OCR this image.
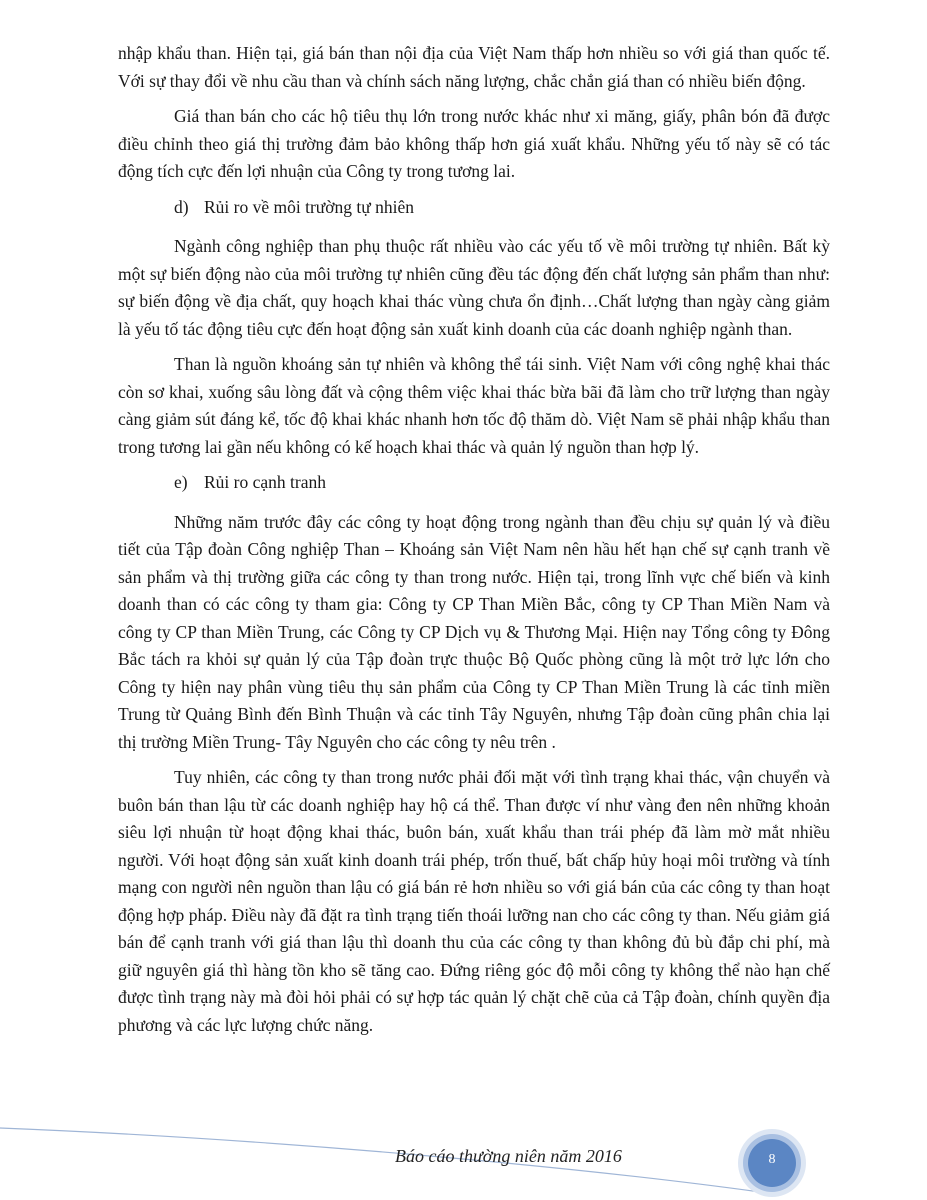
nhập khẩu than. Hiện tại, giá bán than nội địa của Việt Nam thấp hơn nhiều so với giá than quốc tế. Với sự thay đổi về nhu cầu than và chính sách năng lượng, chắc chắn giá than có nhiều biến động.

Giá than bán cho các hộ tiêu thụ lớn trong nước khác như xi măng, giấy, phân bón đã được điều chỉnh theo giá thị trường đảm bảo không thấp hơn giá xuất khẩu. Những yếu tố này sẽ có tác động tích cực đến lợi nhuận của Công ty trong tương lai.

d) Rủi ro về môi trường tự nhiên

Ngành công nghiệp than phụ thuộc rất nhiều vào các yếu tố về môi trường tự nhiên. Bất kỳ một sự biến động nào của môi trường tự nhiên cũng đều tác động đến chất lượng sản phẩm than như: sự biến động về địa chất, quy hoạch khai thác vùng chưa ổn định…Chất lượng than ngày càng giảm là yếu tố tác động tiêu cực đến hoạt động sản xuất kinh doanh của các doanh nghiệp ngành than.

Than là nguồn khoáng sản tự nhiên và không thể tái sinh. Việt Nam với công nghệ khai thác còn sơ khai, xuống sâu lòng đất và cộng thêm việc khai thác bừa bãi đã làm cho trữ lượng than ngày càng giảm sút đáng kể, tốc độ khai khác nhanh hơn tốc độ thăm dò. Việt Nam sẽ phải nhập khẩu than trong tương lai gần nếu không có kế hoạch khai thác và quản lý nguồn than hợp lý.

e) Rủi ro cạnh tranh

Những năm trước đây các công ty hoạt động trong ngành than đều chịu sự quản lý và điều tiết của Tập đoàn Công nghiệp Than – Khoáng sản Việt Nam nên hầu hết hạn chế sự cạnh tranh về sản phẩm và thị trường giữa các công ty than trong nước. Hiện tại, trong lĩnh vực chế biến và kinh doanh than có các công ty tham gia: Công ty CP Than Miền Bắc, công ty CP Than Miền Nam và công ty CP than Miền Trung, các Công ty CP Dịch vụ & Thương Mại. Hiện nay Tổng công ty Đông Bắc tách ra khỏi sự quản lý của Tập đoàn trực thuộc Bộ Quốc phòng cũng là một trở lực lớn cho Công ty hiện nay phân vùng tiêu thụ sản phẩm của Công ty CP Than Miền Trung là các tỉnh miền Trung từ Quảng Bình đến Bình Thuận và các tỉnh Tây Nguyên, nhưng Tập đoàn cũng phân chia lại thị trường Miền Trung- Tây Nguyên cho các công ty nêu trên .

Tuy nhiên, các công ty than trong nước phải đối mặt với tình trạng khai thác, vận chuyển và buôn bán than lậu từ các doanh nghiệp hay hộ cá thể. Than được ví như vàng đen nên những khoản siêu lợi nhuận từ hoạt động khai thác, buôn bán, xuất khẩu than trái phép đã làm mờ mắt nhiều người. Với hoạt động sản xuất kinh doanh trái phép, trốn thuế, bất chấp hủy hoại môi trường và tính mạng con người nên nguồn than lậu có giá bán rẻ hơn nhiều so với giá bán của các công ty than hoạt động hợp pháp. Điều này đã đặt ra tình trạng tiến thoái lưỡng nan cho các công ty than. Nếu giảm giá bán để cạnh tranh với giá than lậu thì doanh thu của các công ty than không đủ bù đắp chi phí, mà giữ nguyên giá thì hàng tồn kho sẽ tăng cao. Đứng riêng góc độ mỗi công ty không thể nào hạn chế được tình trạng này mà đòi hỏi phải có sự hợp tác quản lý chặt chẽ của cả Tập đoàn, chính quyền địa phương và các lực lượng chức năng.

Báo cáo thường niên năm 2016	8
